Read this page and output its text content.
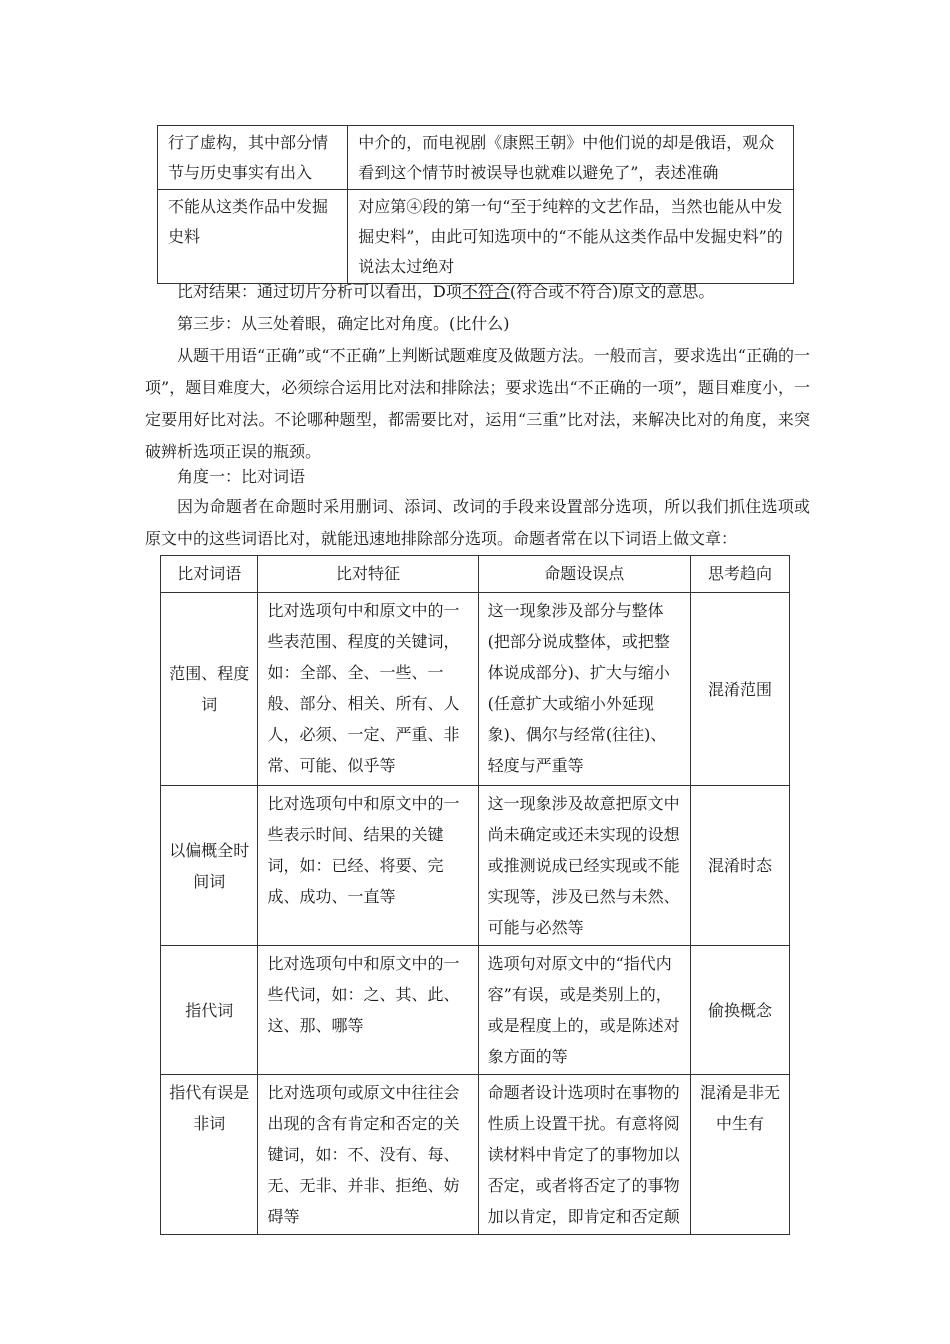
行了虚构，其中部分情节与历史事实有出入	中介的，而电视剧《康熙王朝》中他们说的却是俄语，观众看到这个情节时被误导也就难以避免了”，表述准确
不能从这类作品中发掘史料	对应第④段的第一句“至于纯粹的文艺作品，当然也能从中发掘史料”，由此可知选项中的“不能从这类作品中发掘史料”的说法太过绝对
比对结果：通过切片分析可以看出，D项不符合(符合或不符合)原文的意思。
第三步：从三处着眼，确定比对角度。(比什么)
从题干用语“正确”或“不正确”上判断试题难度及做题方法。一般而言，要求选出“正确的一项”，题目难度大，必须综合运用比对法和排除法；要求选出“不正确的一项”，题目难度小，一定要用好比对法。不论哪种题型，都需要比对，运用“三重”比对法，来解决比对的角度，来突破辨析选项正误的瓶颈。
角度一：比对词语
因为命题者在命题时采用删词、添词、改词的手段来设置部分选项，所以我们抓住选项或原文中的这些词语比对，就能迅速地排除部分选项。命题者常在以下词语上做文章：
比对词语	比对特征	命题设误点	思考趋向
范围、程度词	比对选项句中和原文中的一些表范围、程度的关键词，如：全部、全、一些、一般、部分、相关、所有、人人，必须、一定、严重、非常、可能、似乎等	这一现象涉及部分与整体(把部分说成整体，或把整体说成部分)、扩大与缩小(任意扩大或缩小外延现象)、偶尔与经常(往往)、轻度与严重等	混淆范围
以偏概全时间词	比对选项句中和原文中的一些表示时间、结果的关键词，如：已经、将要、完成、成功、一直等	这一现象涉及故意把原文中尚未确定或还未实现的设想或推测说成已经实现或不能实现等，涉及已然与未然、可能与必然等	混淆时态
指代词	比对选项句中和原文中的一些代词，如：之、其、此、这、那、哪等	选项句对原文中的“指代内容”有误，或是类别上的，或是程度上的，或是陈述对象方面的等	偷换概念
指代有误是非词	比对选项句或原文中往往会出现的含有肯定和否定的关键词，如：不、没有、每、无、无非、并非、拒绝、妨碍等	命题者设计选项时在事物的性质上设置干扰。有意将阅读材料中肯定了的事物加以否定，或者将否定了的事物加以肯定，即肯定和否定颠	混淆是非无中生有
